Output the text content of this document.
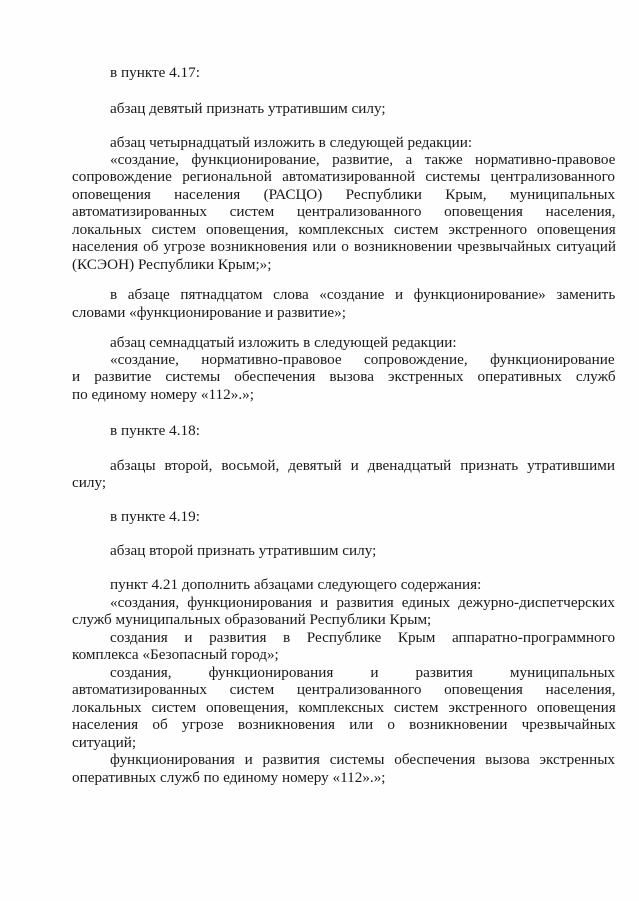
в пункте 4.17:
абзац девятый признать утратившим силу;
абзац четырнадцатый изложить в следующей редакции:
«создание, функционирование, развитие, а также нормативно-правовое
сопровождение региональной автоматизированной системы централизованного
оповещения населения (РАСЦО) Республики Крым, муниципальных
автоматизированных систем централизованного оповещения населения,
локальных систем оповещения, комплексных систем экстренного оповещения
населения об угрозе возникновения или о возникновении чрезвычайных ситуаций
(КСЭОН) Республики Крым;»;
в абзаце пятнадцатом слова «создание и функционирование» заменить
словами «функционирование и развитие»;
абзац семнадцатый изложить в следующей редакции:
«создание, нормативно-правовое сопровождение, функционирование
и развитие системы обеспечения вызова экстренных оперативных служб
по единому номеру «112».»;
в пункте 4.18:
абзацы второй, восьмой, девятый и двенадцатый признать утратившими
силу;
в пункте 4.19:
абзац второй признать утратившим силу;
пункт 4.21 дополнить абзацами следующего содержания:
«создания, функционирования и развития единых дежурно-диспетчерских
служб муниципальных образований Республики Крым;
создания и развития в Республике Крым аппаратно-программного
комплекса «Безопасный город»;
создания, функционирования и развития муниципальных
автоматизированных систем централизованного оповещения населения,
локальных систем оповещения, комплексных систем экстренного оповещения
населения об угрозе возникновения или о возникновении чрезвычайных
ситуаций;
функционирования и развития системы обеспечения вызова экстренных
оперативных служб по единому номеру «112».»;
